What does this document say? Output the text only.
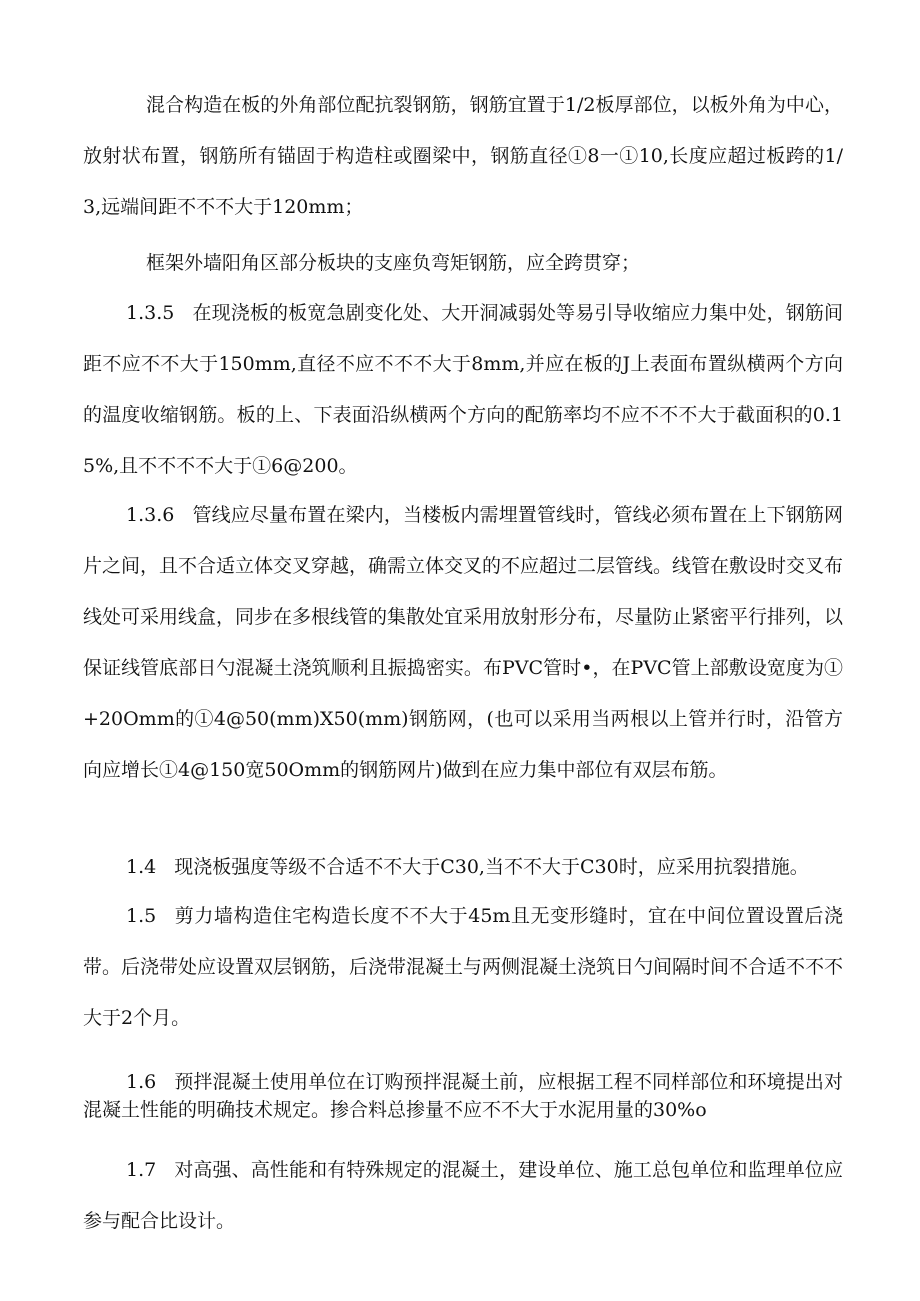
混合构造在板的外角部位配抗裂钢筋，钢筋宜置于1/2板厚部位，以板外角为中心，放射状布置，钢筋所有锚固于构造柱或圈梁中，钢筋直径①8一①10,长度应超过板跨的1/3,远端间距不不不大于120mm；

框架外墙阳角区部分板块的支座负弯矩钢筋，应全跨贯穿；

1.3.5 在现浇板的板宽急剧变化处、大开洞减弱处等易引导收缩应力集中处，钢筋间距不应不不大于150mm,直径不应不不不大于8mm,并应在板的J上表面布置纵横两个方向的温度收缩钢筋。板的上、下表面沿纵横两个方向的配筋率均不应不不不大于截面积的0.15%,且不不不不大于①6@200。

1.3.6 管线应尽量布置在梁内，当楼板内需埋置管线时，管线必须布置在上下钢筋网片之间，且不合适立体交叉穿越，确需立体交叉的不应超过二层管线。线管在敷设时交叉布线处可采用线盒，同步在多根线管的集散处宜采用放射形分布，尽量防止紧密平行排列，以保证线管底部日勺混凝土浇筑顺利且振捣密实。布PVC管时•，在PVC管上部敷设宽度为①+20Omm的①4@50(mm)X50(mm)钢筋网，(也可以采用当两根以上管并行时，沿管方向应增长①4@150宽50Omm的钢筋网片)做到在应力集中部位有双层布筋。

1.4 现浇板强度等级不合适不不大于C30,当不不大于C30时，应采用抗裂措施。

1.5 剪力墙构造住宅构造长度不不大于45m且无变形缝时，宜在中间位置设置后浇带。后浇带处应设置双层钢筋，后浇带混凝土与两侧混凝土浇筑日勺间隔时间不合适不不不大于2个月。

1.6 预拌混凝土使用单位在订购预拌混凝土前，应根据工程不同样部位和环境提出对混凝土性能的明确技术规定。掺合料总掺量不应不不大于水泥用量的30%o

1.7 对高强、高性能和有特殊规定的混凝土，建设单位、施工总包单位和监理单位应参与配合比设计。
